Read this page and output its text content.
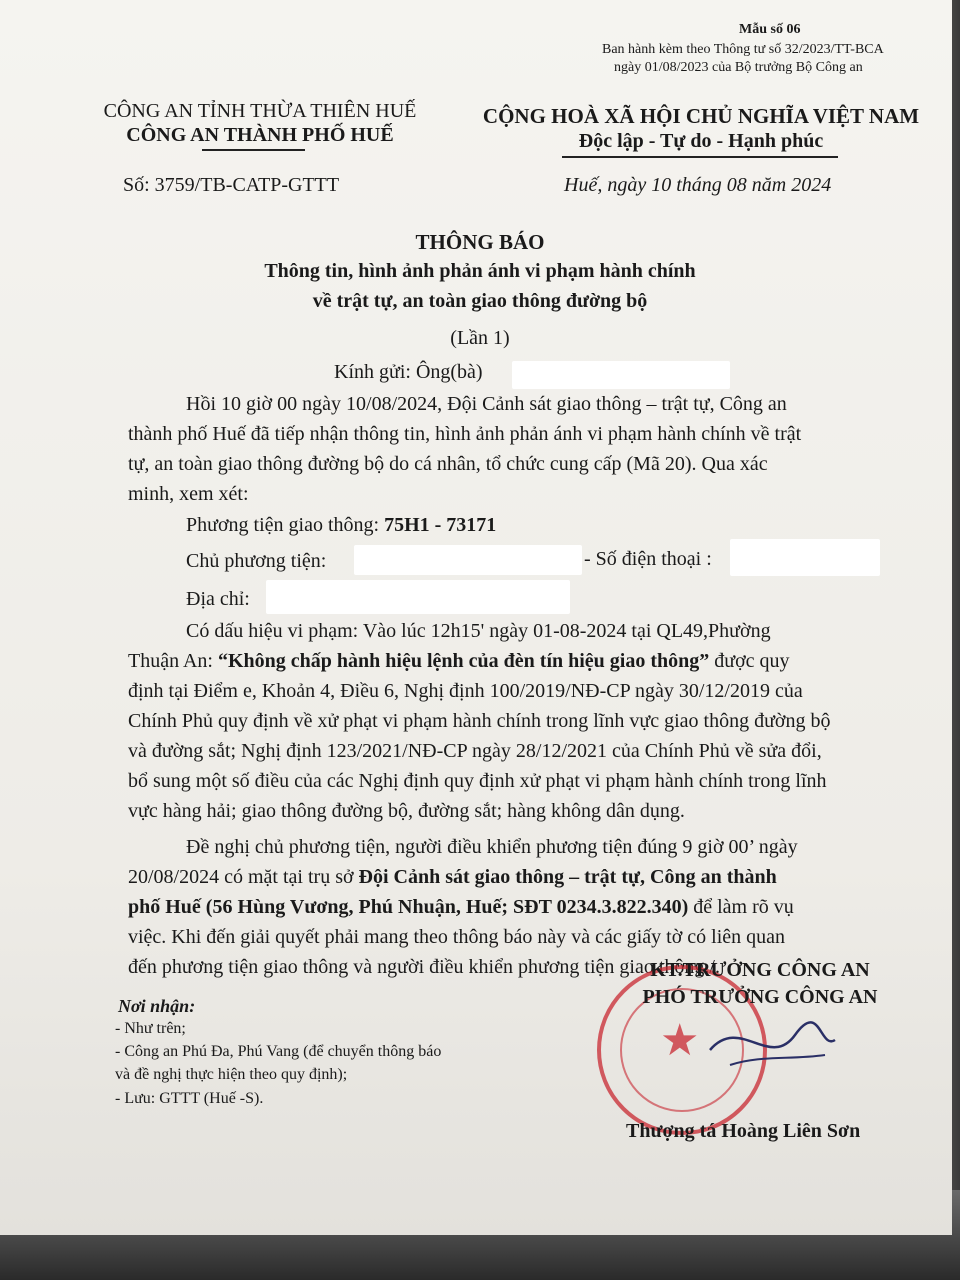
Mẫu số 06
Ban hành kèm theo Thông tư số 32/2023/TT-BCA
ngày 01/08/2023 của Bộ trưởng Bộ Công an
CÔNG AN TỈNH THỪA THIÊN HUẾ
CÔNG AN THÀNH PHỐ HUẾ
Số: 3759/TB-CATP-GTTT
CỘNG HOÀ XÃ HỘI CHỦ NGHĨA VIỆT NAM
Độc lập - Tự do - Hạnh phúc
Huế, ngày 10 tháng 08 năm 2024
THÔNG BÁO
Thông tin, hình ảnh phản ánh vi phạm hành chính
về trật tự, an toàn giao thông đường bộ
(Lần 1)
Kính gửi: Ông(bà)
Hồi 10 giờ 00 ngày 10/08/2024, Đội Cảnh sát giao thông – trật tự, Công an
thành phố Huế đã tiếp nhận thông tin, hình ảnh phản ánh vi phạm hành chính về trật
tự, an toàn giao thông đường bộ do cá nhân, tổ chức cung cấp (Mã 20). Qua xác
minh, xem xét:
Phương tiện giao thông: 75H1 - 73171
Chủ phương tiện:	- Số điện thoại :
Địa chỉ:
Có dấu hiệu vi phạm: Vào lúc 12h15' ngày 01-08-2024 tại QL49,Phường
Thuận An: “Không chấp hành hiệu lệnh của đèn tín hiệu giao thông” được quy
định tại Điểm e, Khoản 4, Điều 6, Nghị định 100/2019/NĐ-CP ngày 30/12/2019 của
Chính Phủ quy định về xử phạt vi phạm hành chính trong lĩnh vực giao thông đường bộ
và đường sắt; Nghị định 123/2021/NĐ-CP ngày 28/12/2021 của Chính Phủ về sửa đổi,
bổ sung một số điều của các Nghị định quy định xử phạt vi phạm hành chính trong lĩnh
vực hàng hải; giao thông đường bộ, đường sắt; hàng không dân dụng.
Đề nghị chủ phương tiện, người điều khiển phương tiện đúng 9 giờ 00’ ngày
20/08/2024 có mặt tại trụ sở Đội Cảnh sát giao thông – trật tự, Công an thành
phố Huế (56 Hùng Vương, Phú Nhuận, Huế; SĐT 0234.3.822.340) để làm rõ vụ
việc. Khi đến giải quyết phải mang theo thông báo này và các giấy tờ có liên quan
đến phương tiện giao thông và người điều khiển phương tiện giao thông./.
Nơi nhận:
- Như trên;
- Công an Phú Đa, Phú Vang (để chuyển thông báo
và đề nghị thực hiện theo quy định);
- Lưu: GTTT (Huế -S).
★
KT.TRƯỞNG CÔNG AN
PHÓ TRƯỞNG CÔNG AN
Thượng tá Hoàng Liên Sơn
